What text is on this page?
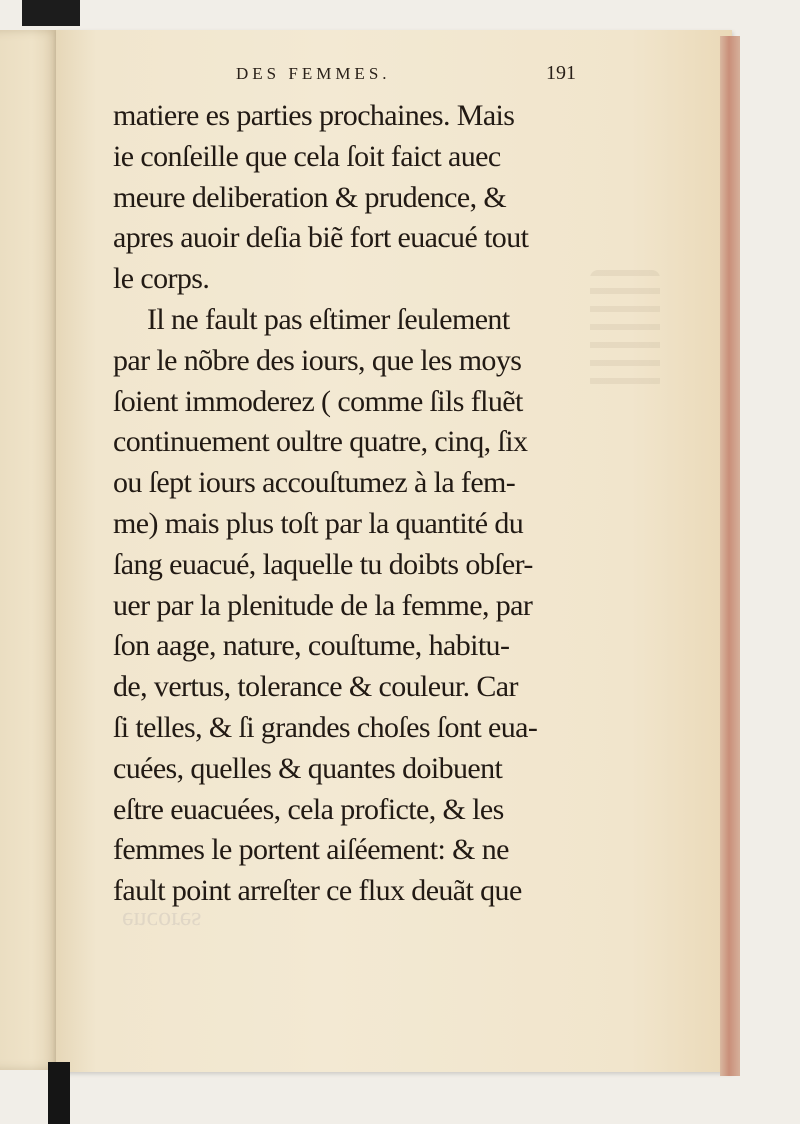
DES FEMMES.	191
matiere es parties prochaines. Mais
ie conſeille que cela ſoit faict auec
meure deliberation & prudence, &
apres auoir deſia biẽ fort euacué tout
le corps.
Il ne fault pas eſtimer ſeulement
par le nõbre des iours, que les moys
ſoient immoderez ( comme ſils fluẽt
continuement oultre quatre, cinq, ſix
ou ſept iours accouſtumez à la fem-
me) mais plus toſt par la quantité du
ſang euacué, laquelle tu doibts obſer-
uer par la plenitude de la femme, par
ſon aage, nature, couſtume, habitu-
de, vertus, tolerance & couleur. Car
ſi telles, & ſi grandes choſes ſont eua-
cuées, quelles & quantes doibuent
eſtre euacuées, cela proficte, & les
femmes le portent aiſéement: & ne
fault point arreſter ce flux deuãt que
encores
